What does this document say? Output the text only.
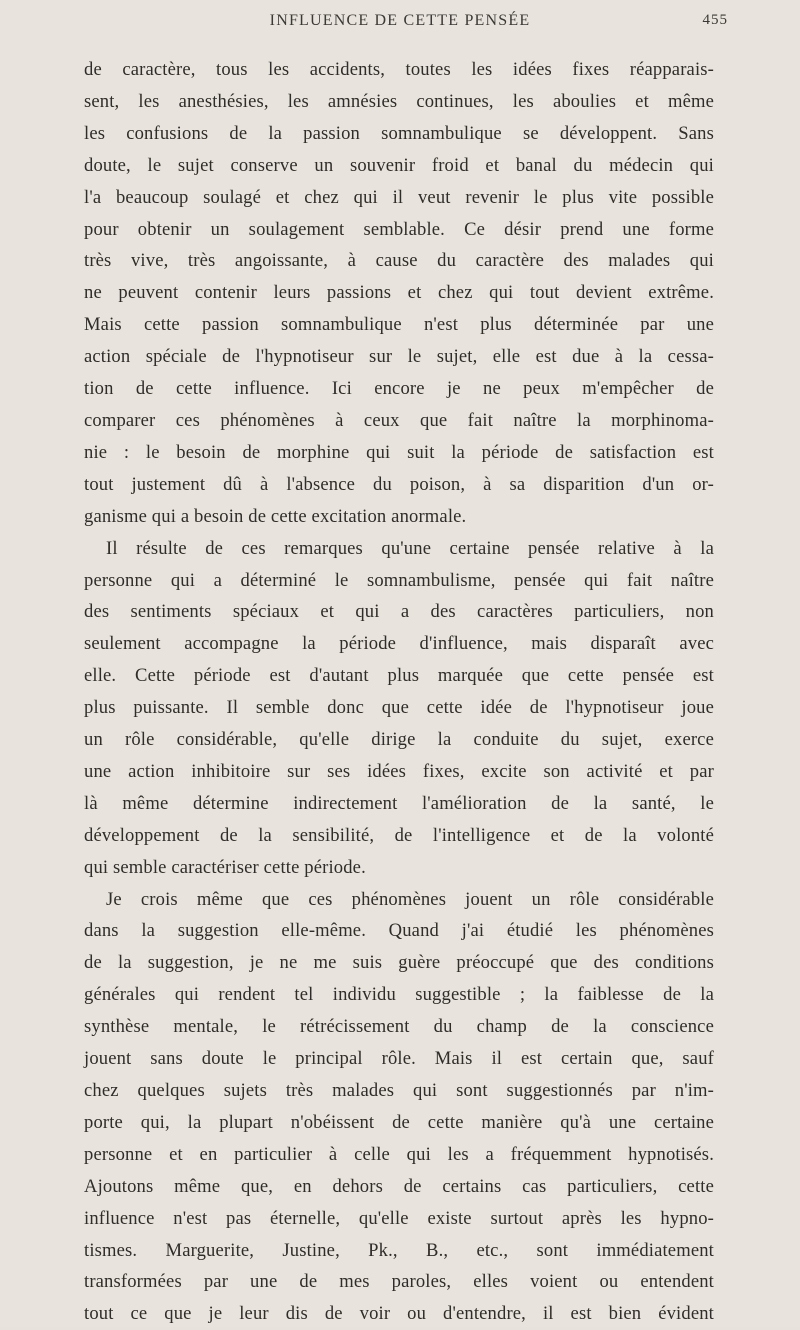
INFLUENCE DE CETTE PENSÉE	455

de caractère, tous les accidents, toutes les idées fixes réapparais-
sent, les anesthésies, les amnésies continues, les aboulies et même
les confusions de la passion somnambulique se développent. Sans
doute, le sujet conserve un souvenir froid et banal du médecin qui
l'a beaucoup soulagé et chez qui il veut revenir le plus vite possible
pour obtenir un soulagement semblable. Ce désir prend une forme
très vive, très angoissante, à cause du caractère des malades qui
ne peuvent contenir leurs passions et chez qui tout devient extrême.
Mais cette passion somnambulique n'est plus déterminée par une
action spéciale de l'hypnotiseur sur le sujet, elle est due à la cessa-
tion de cette influence. Ici encore je ne peux m'empêcher de
comparer ces phénomènes à ceux que fait naître la morphinoma-
nie : le besoin de morphine qui suit la période de satisfaction est
tout justement dû à l'absence du poison, à sa disparition d'un or-
ganisme qui a besoin de cette excitation anormale.

Il résulte de ces remarques qu'une certaine pensée relative à la
personne qui a déterminé le somnambulisme, pensée qui fait naître
des sentiments spéciaux et qui a des caractères particuliers, non
seulement accompagne la période d'influence, mais disparaît avec
elle. Cette période est d'autant plus marquée que cette pensée est
plus puissante. Il semble donc que cette idée de l'hypnotiseur joue
un rôle considérable, qu'elle dirige la conduite du sujet, exerce
une action inhibitoire sur ses idées fixes, excite son activité et par
là même détermine indirectement l'amélioration de la santé, le
développement de la sensibilité, de l'intelligence et de la volonté
qui semble caractériser cette période.

Je crois même que ces phénomènes jouent un rôle considérable
dans la suggestion elle-même. Quand j'ai étudié les phénomènes
de la suggestion, je ne me suis guère préoccupé que des conditions
générales qui rendent tel individu suggestible ; la faiblesse de la
synthèse mentale, le rétrécissement du champ de la conscience
jouent sans doute le principal rôle. Mais il est certain que, sauf
chez quelques sujets très malades qui sont suggestionnés par n'im-
porte qui, la plupart n'obéissent de cette manière qu'à une certaine
personne et en particulier à celle qui les a fréquemment hypnotisés.
Ajoutons même que, en dehors de certains cas particuliers, cette
influence n'est pas éternelle, qu'elle existe surtout après les hypno-
tismes. Marguerite, Justine, Pk., B., etc., sont immédiatement
transformées par une de mes paroles, elles voient ou entendent
tout ce que je leur dis de voir ou d'entendre, il est bien évident
